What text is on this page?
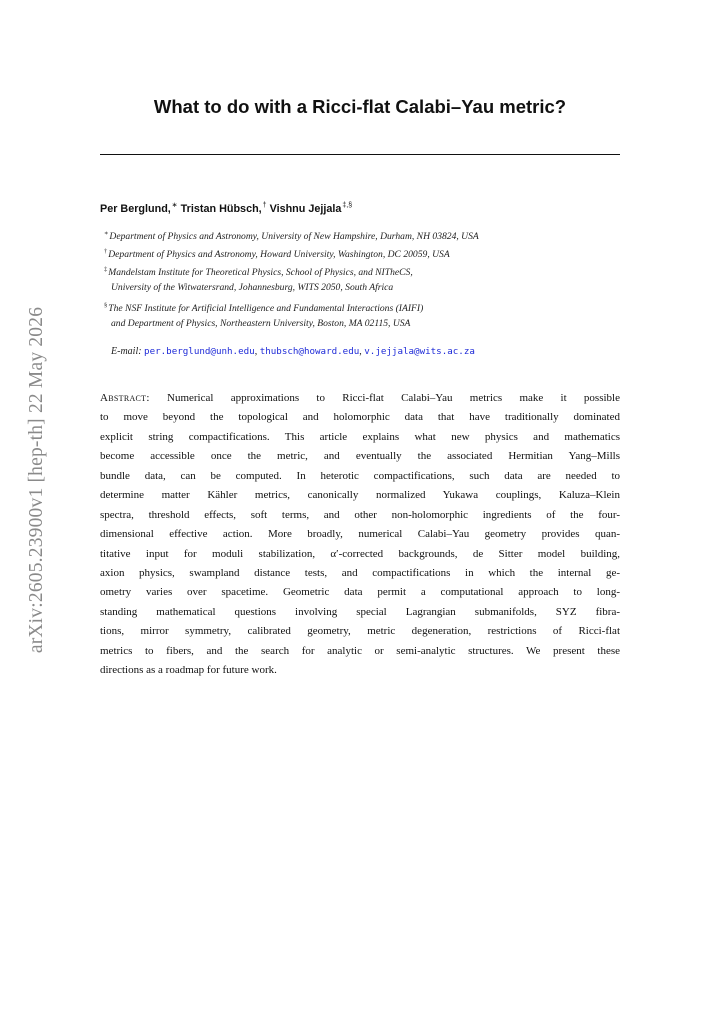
arXiv:2605.23900v1 [hep-th] 22 May 2026
What to do with a Ricci-flat Calabi–Yau metric?
Per Berglund,∗ Tristan Hübsch,† Vishnu Jejjala‡,§
∗Department of Physics and Astronomy, University of New Hampshire, Durham, NH 03824, USA
†Department of Physics and Astronomy, Howard University, Washington, DC 20059, USA
‡Mandelstam Institute for Theoretical Physics, School of Physics, and NITheCS,
University of the Witwatersrand, Johannesburg, WITS 2050, South Africa
§The NSF Institute for Artificial Intelligence and Fundamental Interactions (IAIFI)
and Department of Physics, Northeastern University, Boston, MA 02115, USA
E-mail: per.berglund@unh.edu, thubsch@howard.edu, v.jejjala@wits.ac.za
Abstract: Numerical approximations to Ricci-flat Calabi–Yau metrics make it possible
to move beyond the topological and holomorphic data that have traditionally dominated
explicit string compactifications. This article explains what new physics and mathematics
become accessible once the metric, and eventually the associated Hermitian Yang–Mills
bundle data, can be computed. In heterotic compactifications, such data are needed to
determine matter Kähler metrics, canonically normalized Yukawa couplings, Kaluza–Klein
spectra, threshold effects, soft terms, and other non-holomorphic ingredients of the four-
dimensional effective action. More broadly, numerical Calabi–Yau geometry provides quan-
titative input for moduli stabilization, α′-corrected backgrounds, de Sitter model building,
axion physics, swampland distance tests, and compactifications in which the internal ge-
ometry varies over spacetime. Geometric data permit a computational approach to long-
standing mathematical questions involving special Lagrangian submanifolds, SYZ fibra-
tions, mirror symmetry, calibrated geometry, metric degeneration, restrictions of Ricci-flat
metrics to fibers, and the search for analytic or semi-analytic structures. We present these
directions as a roadmap for future work.
